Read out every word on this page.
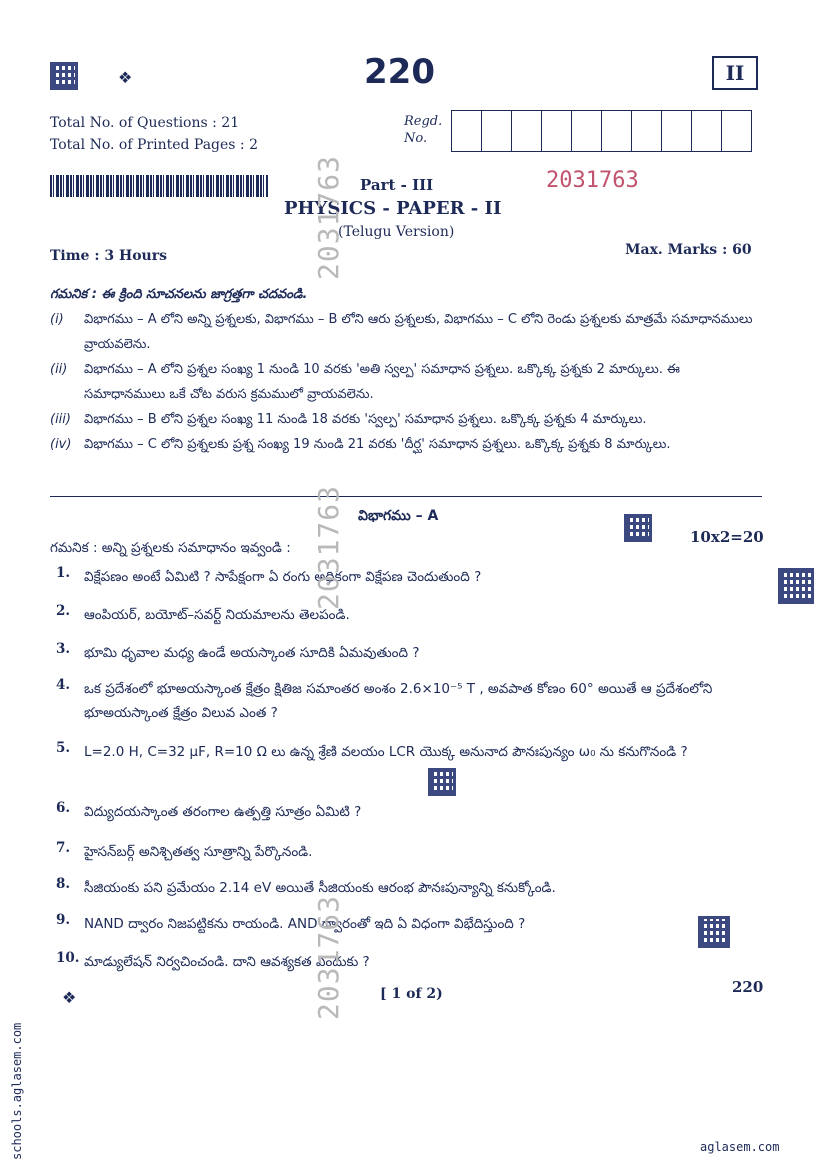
❖	220	II
Total No. of Questions : 21
Total No. of Printed Pages : 2
Regd.
No.
Part - III	2031763
PHYSICS - PAPER - II
(Telugu Version)
Time : 3 Hours	Max. Marks : 60
గమనిక : ఈ క్రింది సూచనలను జాగ్రత్తగా చదవండి.
(i)	విభాగము – A లోని అన్ని ప్రశ్నలకు, విభాగము – B లోని ఆరు ప్రశ్నలకు, విభాగము – C లోని రెండు ప్రశ్నలకు మాత్రమే సమాధానములు వ్రాయవలెను.
(ii)	విభాగము – A లోని ప్రశ్నల సంఖ్య 1 నుండి 10 వరకు 'అతి స్వల్ప' సమాధాన ప్రశ్నలు. ఒక్కొక్క ప్రశ్నకు 2 మార్కులు. ఈ సమాధానములు ఒకే చోట వరుస క్రమములో వ్రాయవలెను.
(iii)	విభాగము – B లోని ప్రశ్నల సంఖ్య 11 నుండి 18 వరకు 'స్వల్ప' సమాధాన ప్రశ్నలు. ఒక్కొక్క ప్రశ్నకు 4 మార్కులు.
(iv) విభాగము – C లోని ప్రశ్నలకు ప్రశ్న సంఖ్య 19 నుండి 21 వరకు 'దీర్ఘ' సమాధాన ప్రశ్నలు. ఒక్కొక్క ప్రశ్నకు 8 మార్కులు.
విభాగము – A
10x2=20
గమనిక : అన్ని ప్రశ్నలకు సమాధానం ఇవ్వండి :
1. విక్షేపణం అంటే ఏమిటి ? సాపేక్షంగా ఏ రంగు అధికంగా విక్షేపణ చెందుతుంది ?
2. ఆంపియర్, బయోట్–సవర్ట్ నియమాలను తెలపండి.
3. భూమి ధృవాల మధ్య ఉండే అయస్కాంత సూదికి ఏమవుతుంది ?
4. ఒక ప్రదేశంలో భూఅయస్కాంత క్షేత్రం క్షితిజ సమాంతర అంశం 2.6×10⁻⁵ T , అవపాత కోణం 60° అయితే ఆ ప్రదేశంలోని భూఅయస్కాంత క్షేత్రం విలువ ఎంత ?
5. L=2.0 H, C=32 μF, R=10 Ω లు ఉన్న శ్రేణి వలయం LCR యొక్క అనునాద పౌనఃపున్యం ω₀ ను కనుగొనండి ?
6. విద్యుదయస్కాంత తరంగాల ఉత్పత్తి సూత్రం ఏమిటి ?
7. హైసన్‌బర్గ్ అనిశ్చితత్వ సూత్రాన్ని పేర్కొనండి.
8. సీజియంకు పని ప్రమేయం 2.14 eV అయితే సీజియంకు ఆరంభ పౌనఃపున్యాన్ని కనుక్కోండి.
9. NAND ద్వారం నిజపట్టికను రాయండి. AND ద్వారంతో ఇది ఏ విధంగా విభేదిస్తుంది ?
10. మాడ్యులేషన్ నిర్వచించండి. దాని ఆవశ్యకత ఎందుకు ?
2031763
2031763
2031763
❖	[ 1 of 2)	220
aglasem.com
schools.aglasem.com
